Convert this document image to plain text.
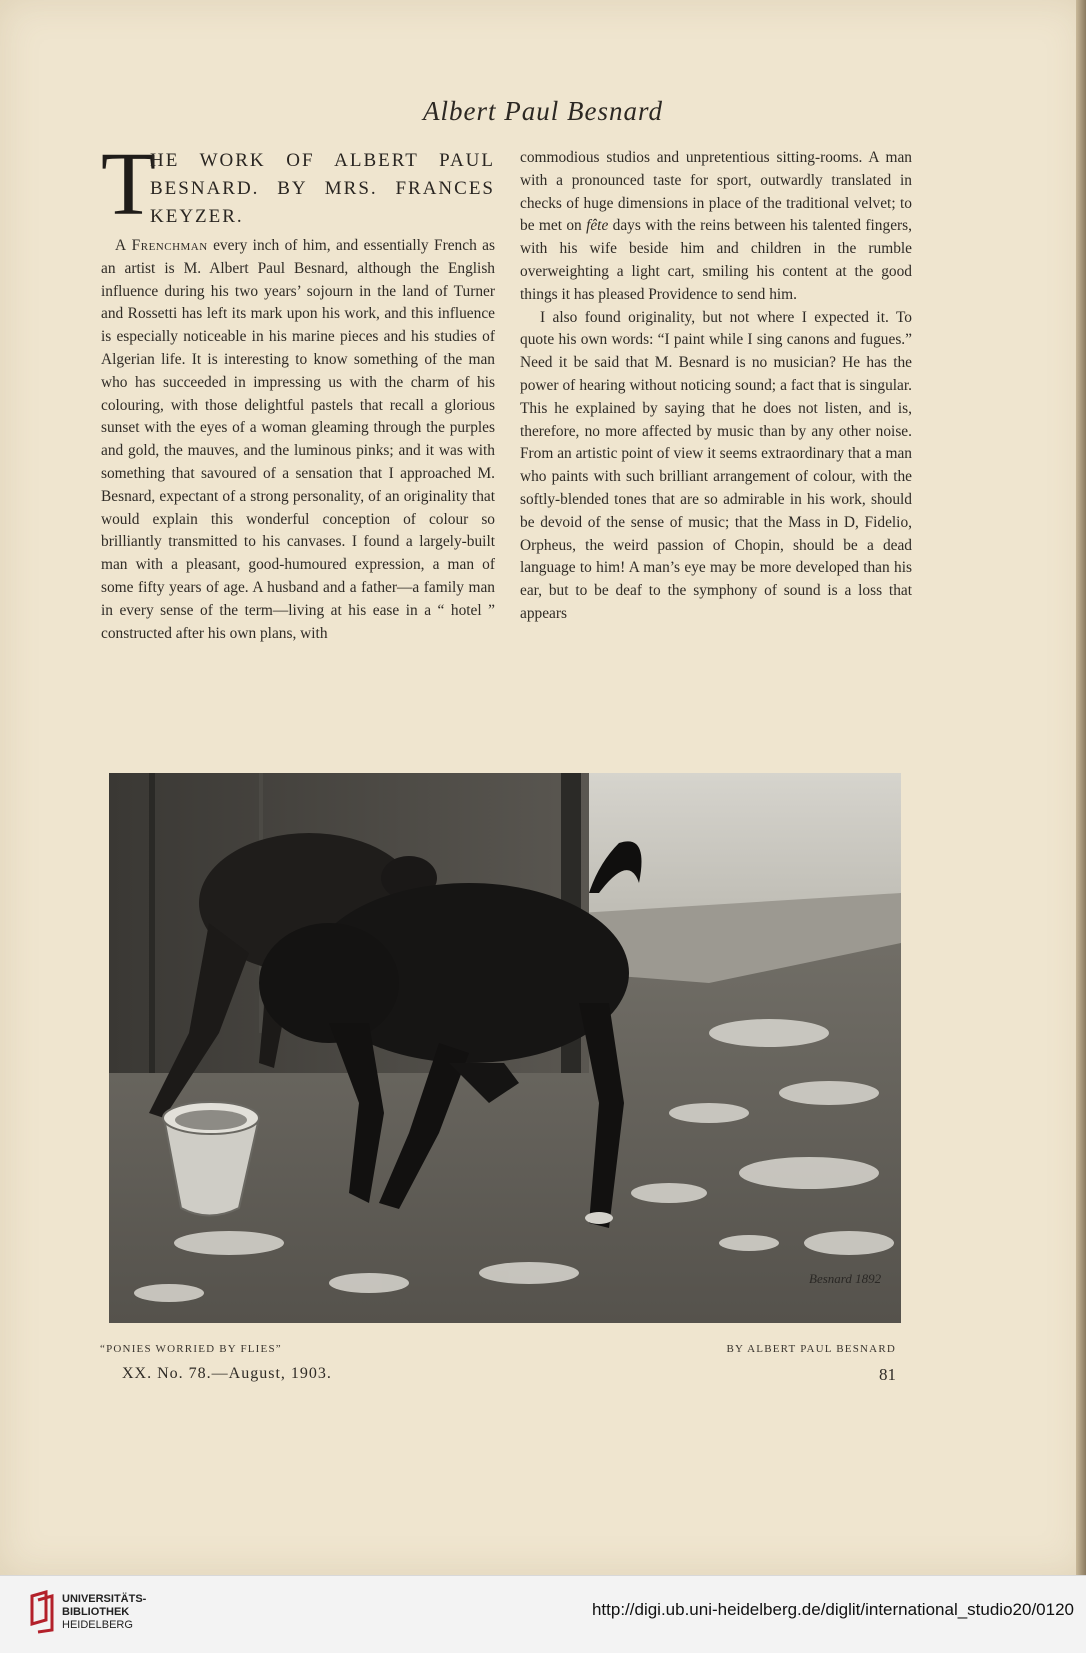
Albert Paul Besnard
T
HE WORK OF ALBERT PAUL BESNARD. BY MRS. FRANCES KEYZER.

A Frenchman every inch of him, and essentially French as an artist is M. Albert Paul Besnard, although the English influence during his two years’ sojourn in the land of Turner and Rossetti has left its mark upon his work, and this influence is especially noticeable in his marine pieces and his studies of Algerian life. It is interesting to know something of the man who has succeeded in impressing us with the charm of his colouring, with those delightful pastels that recall a glorious sunset with the eyes of a woman gleaming through the purples and gold, the mauves, and the luminous pinks; and it was with something that savoured of a sensation that I approached M. Besnard, expectant of a strong personality, of an originality that would explain this wonderful conception of colour so brilliantly transmitted to his canvases. I found a largely-built man with a pleasant, good-humoured expression, a man of some fifty years of age. A husband and a father—a family man in every sense of the term—living at his ease in a “ hotel ” constructed after his own plans, with

commodious studios and unpretentious sitting-rooms. A man with a pronounced taste for sport, outwardly translated in checks of huge dimensions in place of the traditional velvet; to be met on fête days with the reins between his talented fingers, with his wife beside him and children in the rumble overweighting a light cart, smiling his content at the good things it has pleased Providence to send him.

I also found originality, but not where I expected it. To quote his own words: “I paint while I sing canons and fugues.” Need it be said that M. Besnard is no musician? He has the power of hearing without noticing sound; a fact that is singular. This he explained by saying that he does not listen, and is, therefore, no more affected by music than by any other noise. From an artistic point of view it seems extraordinary that a man who paints with such brilliant arrangement of colour, with the softly-blended tones that are so admirable in his work, should be devoid of the sense of music; that the Mass in D, Fidelio, Orpheus, the weird passion of Chopin, should be a dead language to him! A man’s eye may be more developed than his ear, but to be deaf to the symphony of sound is a loss that appears

Besnard 1892
“PONIES WORRIED BY FLIES”	BY ALBERT PAUL BESNARD
XX. No. 78.—August, 1903.	81
UNIVERSITÄTS-
BIBLIOTHEK
HEIDELBERG
http://digi.ub.uni-heidelberg.de/diglit/international_studio20/0120
